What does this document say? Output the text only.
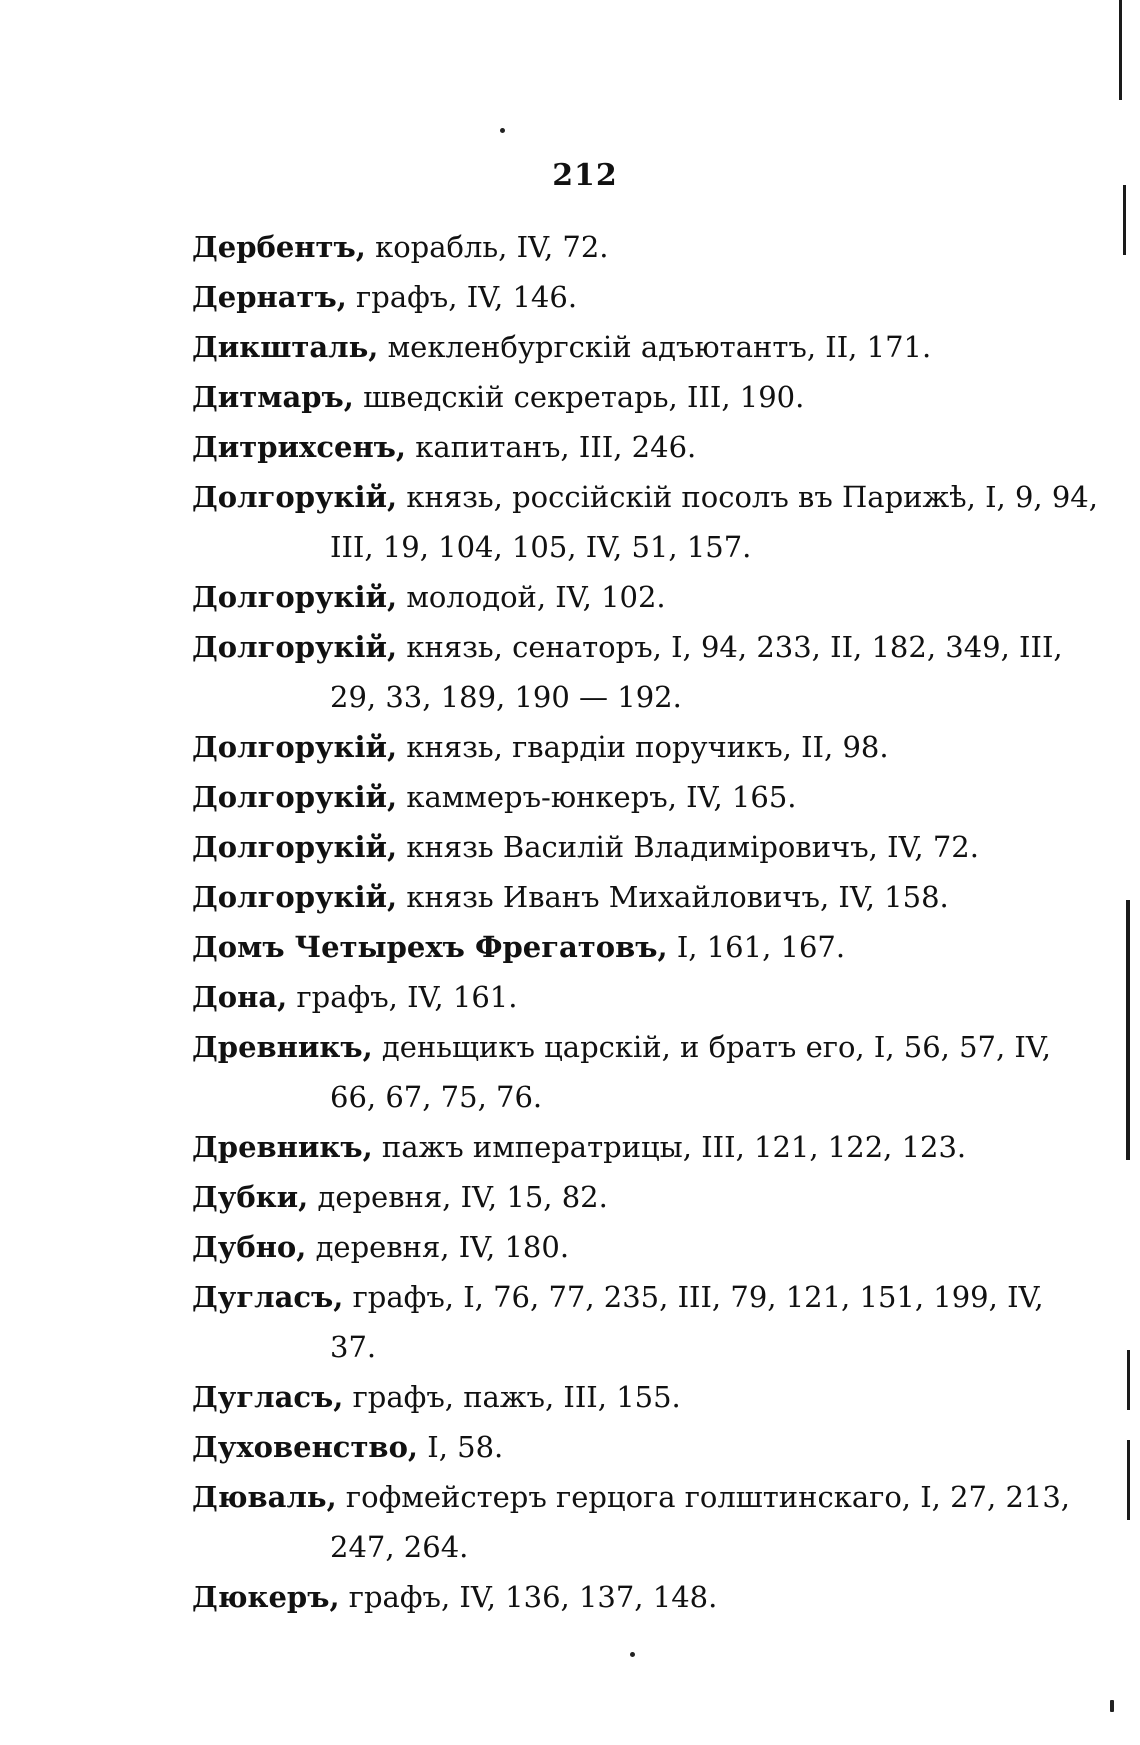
212
Дербентъ, корабль, IV, 72.
Дернатъ, графъ, IV, 146.
Дикшталь, мекленбургскій адъютантъ, II, 171.
Дитмаръ, шведскій секретарь, III, 190.
Дитрихсенъ, капитанъ, III, 246.
Долгорукій, князь, россійскій посолъ въ Парижѣ, I, 9, 94,
III, 19, 104, 105, IV, 51, 157.
Долгорукій, молодой, IV, 102.
Долгорукій, князь, сенаторъ, I, 94, 233, II, 182, 349, III,
29, 33, 189, 190 — 192.
Долгорукій, князь, гвардіи поручикъ, II, 98.
Долгорукій, каммеръ-юнкеръ, IV, 165.
Долгорукій, князь Василій Владиміровичъ, IV, 72.
Долгорукій, князь Иванъ Михайловичъ, IV, 158.
Домъ Четырехъ Фрегатовъ, I, 161, 167.
Дона, графъ, IV, 161.
Древникъ, деньщикъ царскій, и братъ его, I, 56, 57, IV,
66, 67, 75, 76.
Древникъ, пажъ императрицы, III, 121, 122, 123.
Дубки, деревня, IV, 15, 82.
Дубно, деревня, IV, 180.
Дугласъ, графъ, I, 76, 77, 235, III, 79, 121, 151, 199, IV,
37.
Дугласъ, графъ, пажъ, III, 155.
Духовенство, I, 58.
Дюваль, гофмейстеръ герцога голштинскаго, I, 27, 213,
247, 264.
Дюкеръ, графъ, IV, 136, 137, 148.
